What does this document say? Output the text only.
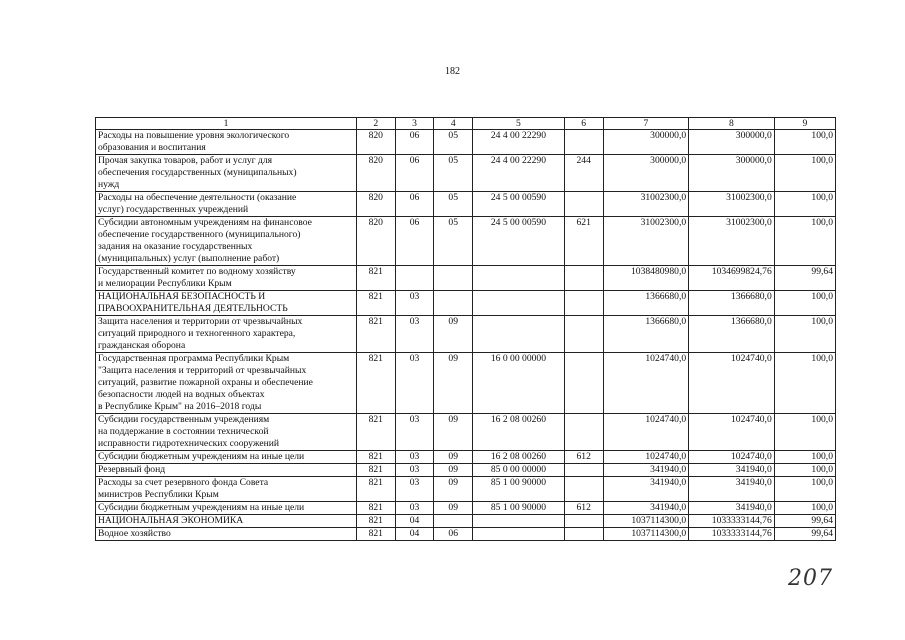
182
1	2	3	4	5	6	7	8	9

Расходы на повышение уровня экологического
образования и воспитания	820	06	05	24 4 00 22290		300000,0	300000,0	100,0

Прочая закупка товаров, работ и услуг для
обеспечения государственных (муниципальных)
нужд	820	06	05	24 4 00 22290	244	300000,0	300000,0	100,0

Расходы на обеспечение деятельности (оказание
услуг) государственных учреждений	820	06	05	24 5 00 00590		31002300,0	31002300,0	100,0

Субсидии автономным учреждениям на финансовое
обеспечение государственного (муниципального)
задания на оказание государственных
(муниципальных) услуг (выполнение работ)	820	06	05	24 5 00 00590	621	31002300,0	31002300,0	100,0

Государственный комитет по водному хозяйству
и мелиорации Республики Крым	821					1038480980,0	1034699824,76	99,64

НАЦИОНАЛЬНАЯ БЕЗОПАСНОСТЬ И
ПРАВООХРАНИТЕЛЬНАЯ ДЕЯТЕЛЬНОСТЬ	821	03				1366680,0	1366680,0	100,0

Защита населения и территории от чрезвычайных
ситуаций природного и техногенного характера,
гражданская оборона	821	03	09			1366680,0	1366680,0	100,0

Государственная программа Республики Крым
"Защита населения и территорий от чрезвычайных
ситуаций, развитие пожарной охраны и обеспечение
безопасности людей на водных объектах
в Республике Крым" на 2016–2018 годы	821	03	09	16 0 00 00000		1024740,0	1024740,0	100,0

Субсидии государственным учреждениям
на поддержание в состоянии технической
исправности гидротехнических сооружений	821	03	09	16 2 08 00260		1024740,0	1024740,0	100,0

Субсидии бюджетным учреждениям на иные цели	821	03	09	16 2 08 00260	612	1024740,0	1024740,0	100,0

Резервный фонд	821	03	09	85 0 00 00000		341940,0	341940,0	100,0

Расходы за счет резервного фонда Совета
министров Республики Крым	821	03	09	85 1 00 90000		341940,0	341940,0	100,0

Субсидии бюджетным учреждениям на иные цели	821	03	09	85 1 00 90000	612	341940,0	341940,0	100,0

НАЦИОНАЛЬНАЯ ЭКОНОМИКА	821	04				1037114300,0	1033333144,76	99,64

Водное хозяйство	821	04	06			1037114300,0	1033333144,76	99,64
207
